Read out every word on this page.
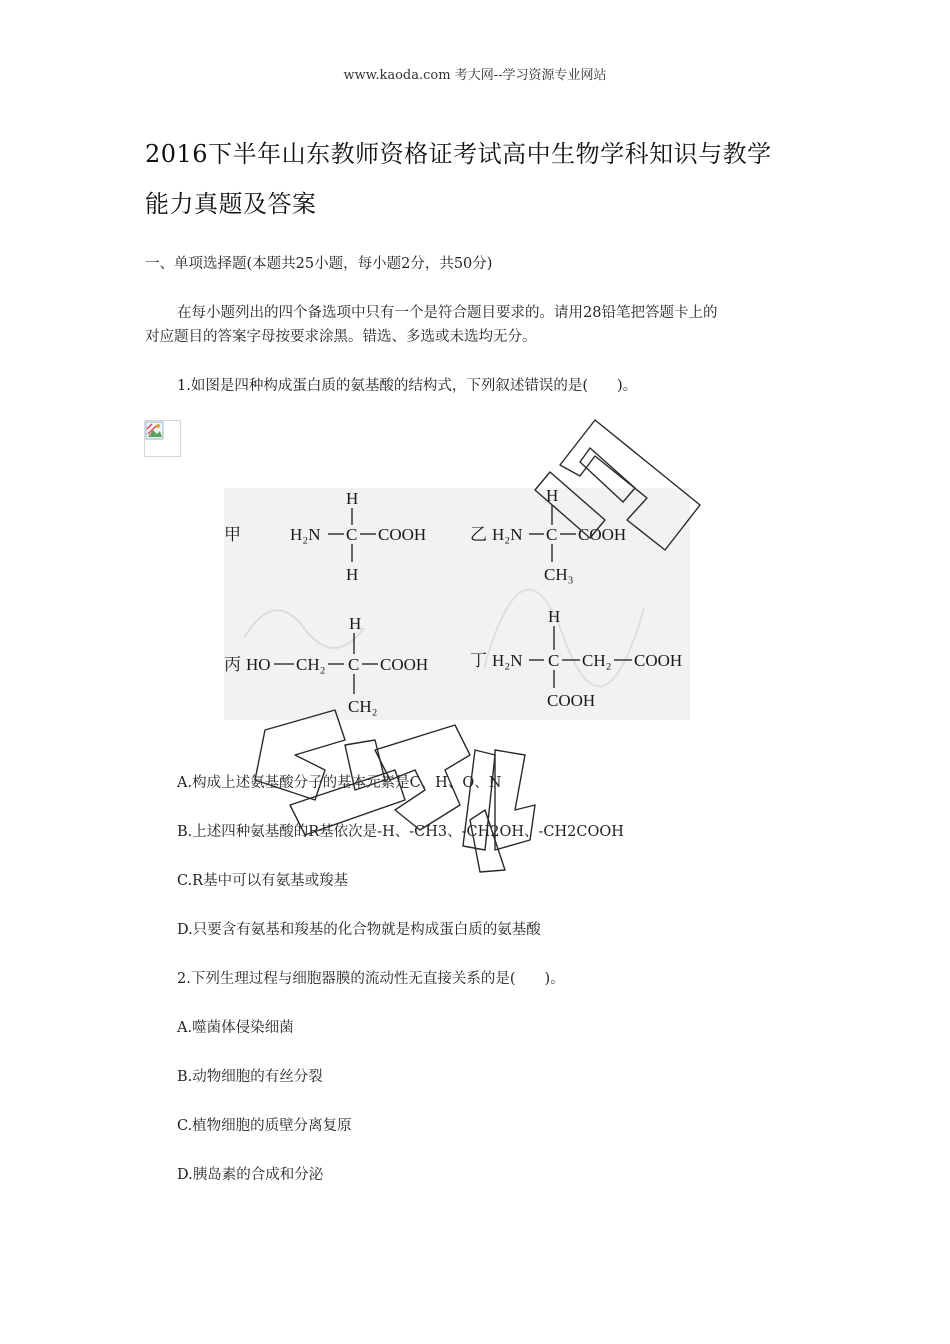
www.kaoda.com 考大网--学习资源专业网站
2016下半年山东教师资格证考试高中生物学科知识与教学
能力真题及答案
一、单项选择题(本题共25小题，每小题2分，共50分)
在每小题列出的四个备选项中只有一个是符合题目要求的。请用28铅笔把答题卡上的
对应题目的答案字母按要求涂黑。错选、多选或未选均无分。
1.如图是四种构成蛋白质的氨基酸的结构式，下列叙述错误的是(　　)。
甲
H
H₂N C COOH
H
乙
H
H₂N C COOH
CH₃
丙 HO CH₂
H
C COOH
CH₂
丁 H₂N
H
C CH₂ COOH
COOH
A.构成上述氨基酸分子的基本元素是C、H、O、N
B.上述四种氨基酸的R基依次是-H、-CH3、-CH2OH、-CH2COOH
C.R基中可以有氨基或羧基
D.只要含有氨基和羧基的化合物就是构成蛋白质的氨基酸
2.下列生理过程与细胞器膜的流动性无直接关系的是(　　)。
A.噬菌体侵染细菌
B.动物细胞的有丝分裂
C.植物细胞的质壁分离复原
D.胰岛素的合成和分泌
